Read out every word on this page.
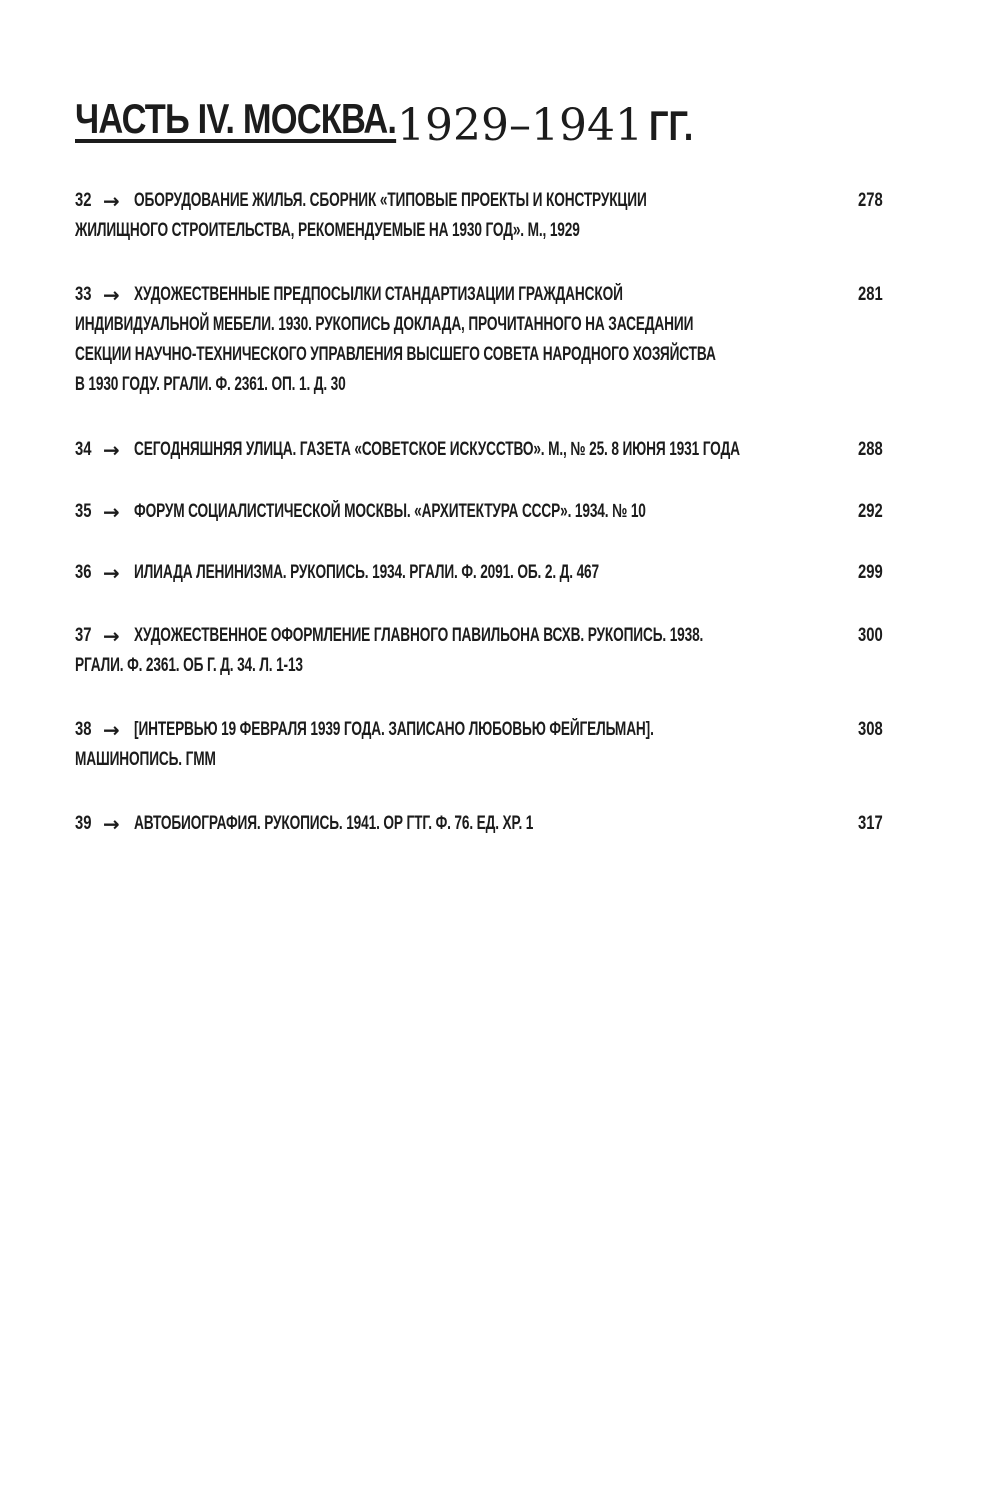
ЧАСТЬ IV. МОСКВА. 1929–1941 ГГ.
32 → ОБОРУДОВАНИЕ ЖИЛЬЯ. СБОРНИК «ТИПОВЫЕ ПРОЕКТЫ И КОНСТРУКЦИИ
ЖИЛИЩНОГО СТРОИТЕЛЬСТВА, РЕКОМЕНДУЕМЫЕ НА 1930 ГОД». М., 1929
278
33 → ХУДОЖЕСТВЕННЫЕ ПРЕДПОСЫЛКИ СТАНДАРТИЗАЦИИ ГРАЖДАНСКОЙ
ИНДИВИДУАЛЬНОЙ МЕБЕЛИ. 1930. РУКОПИСЬ ДОКЛАДА, ПРОЧИТАННОГО НА ЗАСЕДАНИИ
СЕКЦИИ НАУЧНО-ТЕХНИЧЕСКОГО УПРАВЛЕНИЯ ВЫСШЕГО СОВЕТА НАРОДНОГО ХОЗЯЙСТВА
В 1930 ГОДУ. РГАЛИ. Ф. 2361. ОП. 1. Д. 30
281
34 → СЕГОДНЯШНЯЯ УЛИЦА. ГАЗЕТА «СОВЕТСКОЕ ИСКУССТВО». М., № 25. 8 ИЮНЯ 1931 ГОДА	288
35 → ФОРУМ СОЦИАЛИСТИЧЕСКОЙ МОСКВЫ. «АРХИТЕКТУРА СССР». 1934. № 10	292
36 → ИЛИАДА ЛЕНИНИЗМА. РУКОПИСЬ. 1934. РГАЛИ. Ф. 2091. ОБ. 2. Д. 467	299
37 → ХУДОЖЕСТВЕННОЕ ОФОРМЛЕНИЕ ГЛАВНОГО ПАВИЛЬОНА ВСХВ. РУКОПИСЬ. 1938.
РГАЛИ. Ф. 2361. ОБ Г. Д. 34. Л. 1-13
300
38 → [ИНТЕРВЬЮ 19 ФЕВРАЛЯ 1939 ГОДА. ЗАПИСАНО ЛЮБОВЬЮ ФЕЙГЕЛЬМАН].
МАШИНОПИСЬ. ГММ
308
39 → АВТОБИОГРАФИЯ. РУКОПИСЬ. 1941. ОР ГТГ. Ф. 76. ЕД. ХР. 1	317
